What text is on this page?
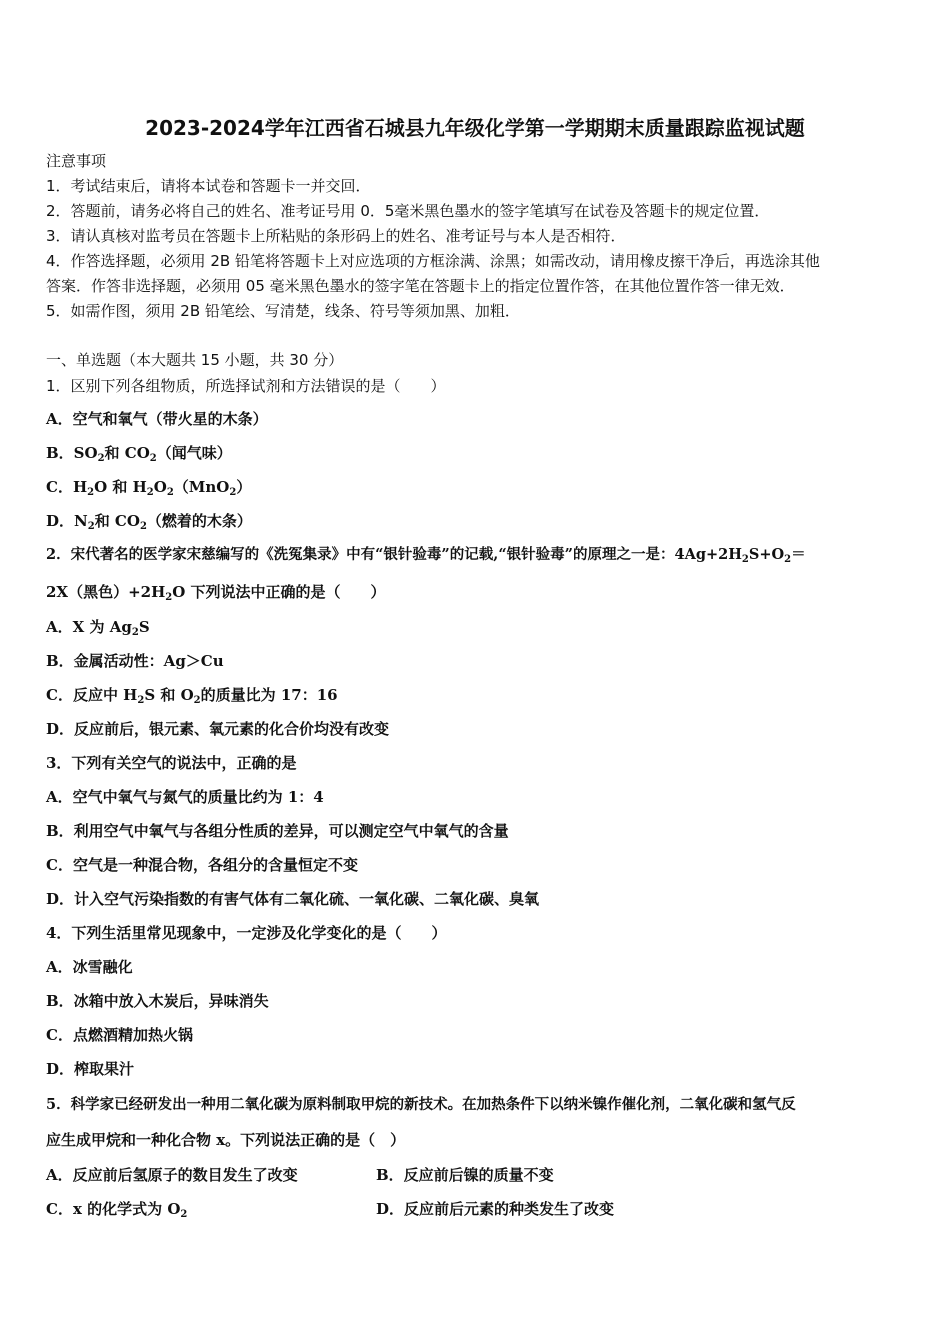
2023-2024学年江西省石城县九年级化学第一学期期末质量跟踪监视试题
注意事项
1．考试结束后，请将本试卷和答题卡一并交回．
2．答题前，请务必将自己的姓名、准考证号用 0．5毫米黑色墨水的签字笔填写在试卷及答题卡的规定位置．
3．请认真核对监考员在答题卡上所粘贴的条形码上的姓名、准考证号与本人是否相符．
4．作答选择题，必须用 2B 铅笔将答题卡上对应选项的方框涂满、涂黑；如需改动，请用橡皮擦干净后，再选涂其他
答案．作答非选择题，必须用 05 毫米黑色墨水的签字笔在答题卡上的指定位置作答，在其他位置作答一律无效．
5．如需作图，须用 2B 铅笔绘、写清楚，线条、符号等须加黑、加粗．
一、单选题（本大题共 15 小题，共 30 分）
1．区别下列各组物质，所选择试剂和方法错误的是（　　）
A．空气和氧气（带火星的木条）
B．$SO_2$和 $CO_2$（闻气味）
C．$H_2O$ 和 $H_2O_2(MnO_2)$
D．$N_2$和 $CO_2$（燃着的木条）
2．宋代著名的医学家宋慈编写的《洗冤集录》中有“银针验毒”的记载,“银针验毒”的原理之一是：$4Ag+2H_2S+O_2=$
2X（黑色）$+2H_2O$ 下列说法中正确的是（　　）
A．X 为 $Ag_2S$
B．金属活动性：Ag＞Cu
C．反应中 $H_2S$ 和 $O_2$的质量比为 17：16
D．反应前后，银元素、氧元素的化合价均没有改变
3．下列有关空气的说法中，正确的是
A．空气中氧气与氮气的质量比约为 1：4
B．利用空气中氧气与各组分性质的差异，可以测定空气中氧气的含量
C．空气是一种混合物，各组分的含量恒定不变
D．计入空气污染指数的有害气体有二氧化硫、一氧化碳、二氧化碳、臭氧
4．下列生活里常见现象中，一定涉及化学变化的是（　　）
A．冰雪融化
B．冰箱中放入木炭后，异味消失
C．点燃酒精加热火锅
D．榨取果汁
5．科学家已经研发出一种用二氧化碳为原料制取甲烷的新技术。在加热条件下以纳米镍作催化剂，二氧化碳和氢气反
应生成甲烷和一种化合物 x。下列说法正确的是（　）
A．反应前后氢原子的数目发生了改变	B．反应前后镍的质量不变
C．x 的化学式为 $O_2$	D．反应前后元素的种类发生了改变
